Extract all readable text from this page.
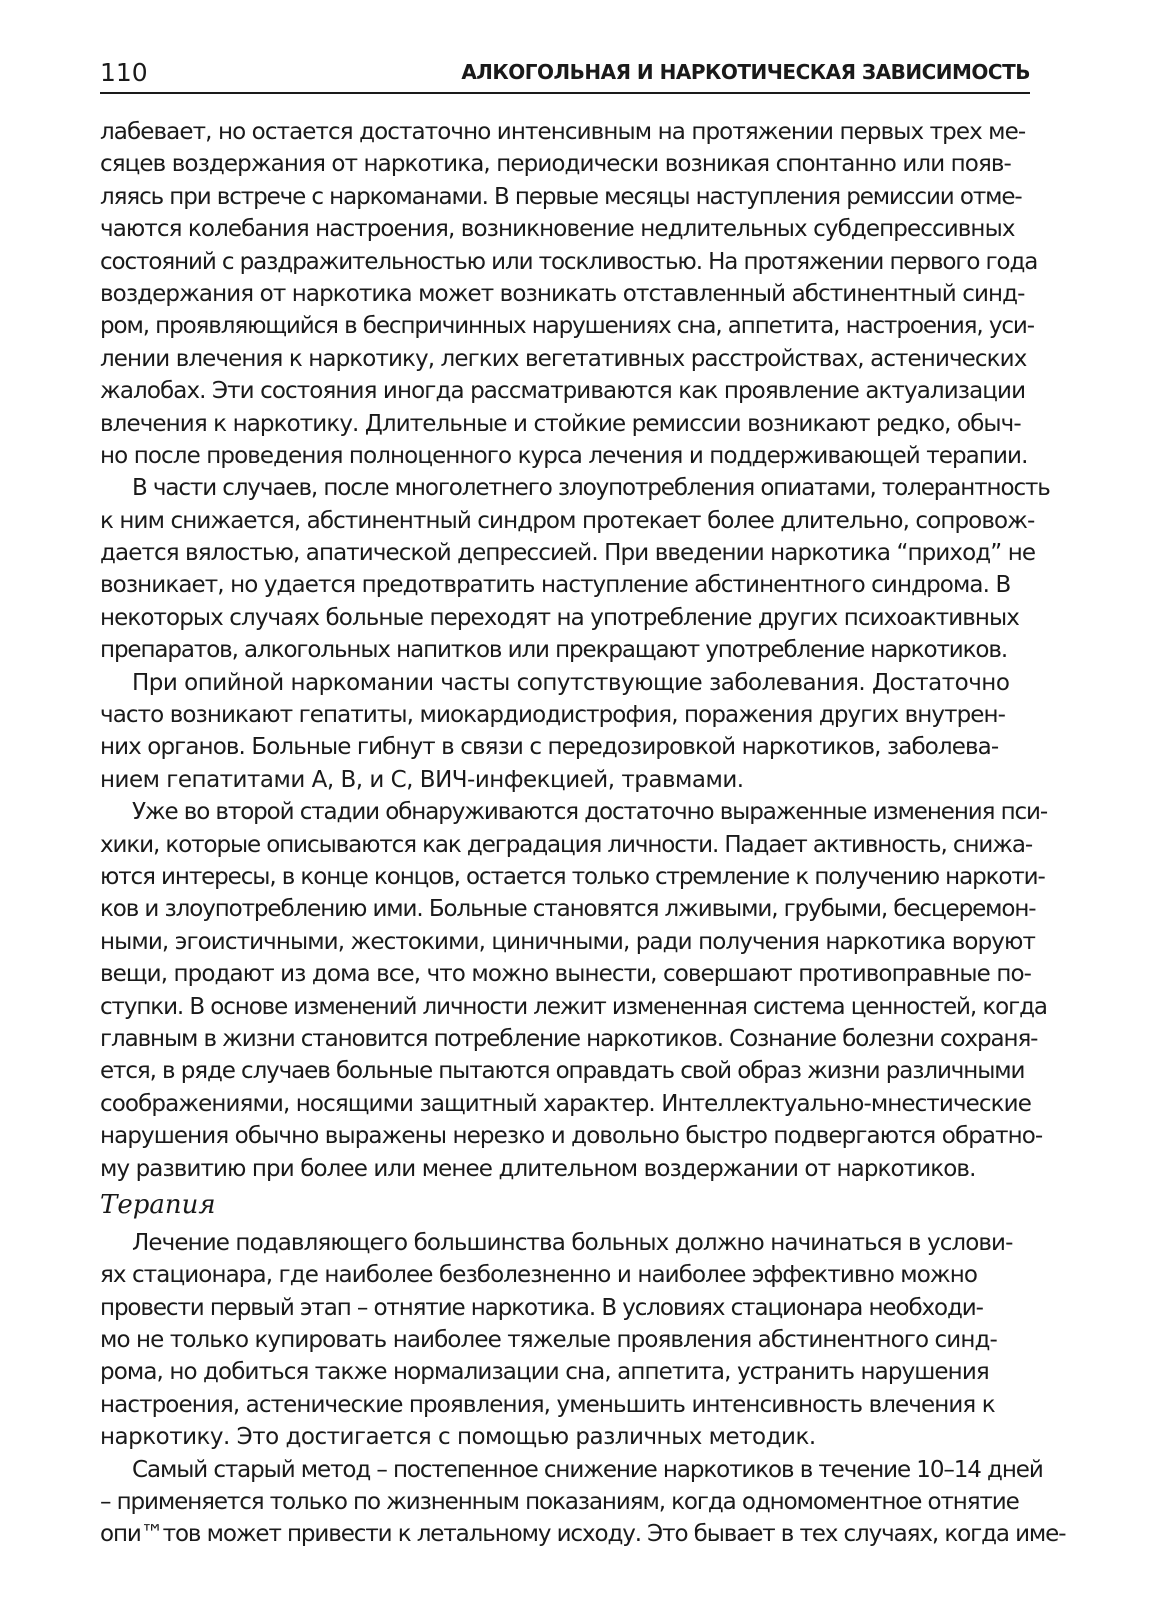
110	АЛКОГОЛЬНАЯ И НАРКОТИЧЕСКАЯ ЗАВИСИМОСТЬ
лабевает, но остается достаточно интенсивным на протяжении первых трех ме-
сяцев воздержания от наркотика, периодически возникая спонтанно или появ-
ляясь при встрече с наркоманами. В первые месяцы наступления ремиссии отме-
чаются колебания настроения, возникновение недлительных субдепрессивных
состояний с раздражительностью или тоскливостью. На протяжении первого года
воздержания от наркотика может возникать отставленный абстинентный синд-
ром, проявляющийся в беспричинных нарушениях сна, аппетита, настроения, уси-
лении влечения к наркотику, легких вегетативных расстройствах, астенических
жалобах. Эти состояния иногда рассматриваются как проявление актуализации
влечения к наркотику. Длительные и стойкие ремиссии возникают редко, обыч-
но после проведения полноценного курса лечения и поддерживающей терапии.
В части случаев, после многолетнего злоупотребления опиатами, толерантность
к ним снижается, абстинентный синдром протекает более длительно, сопровож-
дается вялостью, апатической депрессией. При введении наркотика “приход” не
возникает, но удается предотвратить наступление абстинентного синдрома. В
некоторых случаях больные переходят на употребление других психоактивных
препаратов, алкогольных напитков или прекращают употребление наркотиков.
При опийной наркомании часты сопутствующие заболевания. Достаточно
часто возникают гепатиты, миокардиодистрофия, поражения других внутрен-
них органов. Больные гибнут в связи с передозировкой наркотиков, заболева-
нием гепатитами А, В, и С, ВИЧ-инфекцией, травмами.
Уже во второй стадии обнаруживаются достаточно выраженные изменения пси-
хики, которые описываются как деградация личности. Падает активность, снижа-
ются интересы, в конце концов, остается только стремление к получению наркоти-
ков и злоупотреблению ими. Больные становятся лживыми, грубыми, бесцеремон-
ными, эгоистичными, жестокими, циничными, ради получения наркотика воруют
вещи, продают из дома все, что можно вынести, совершают противоправные по-
ступки. В основе изменений личности лежит измененная система ценностей, когда
главным в жизни становится потребление наркотиков. Сознание болезни сохраня-
ется, в ряде случаев больные пытаются оправдать свой образ жизни различными
соображениями, носящими защитный характер. Интеллектуально-мнестические
нарушения обычно выражены нерезко и довольно быстро подвергаются обратно-
му развитию при более или менее длительном воздержании от наркотиков.
Терапия
Лечение подавляющего большинства больных должно начинаться в услови-
ях стационара, где наиболее безболезненно и наиболее эффективно можно
провести первый этап – отнятие наркотика. В условиях стационара необходи-
мо не только купировать наиболее тяжелые проявления абстинентного синд-
рома, но добиться также нормализации сна, аппетита, устранить нарушения
настроения, астенические проявления, уменьшить интенсивность влечения к
наркотику. Это достигается с помощью различных методик.
Самый старый метод – постепенное снижение наркотиков в течение 10–14 дней
– применяется только по жизненным показаниям, когда одномоментное отнятие
опи™тов может привести к летальному исходу. Это бывает в тех случаях, когда име-
